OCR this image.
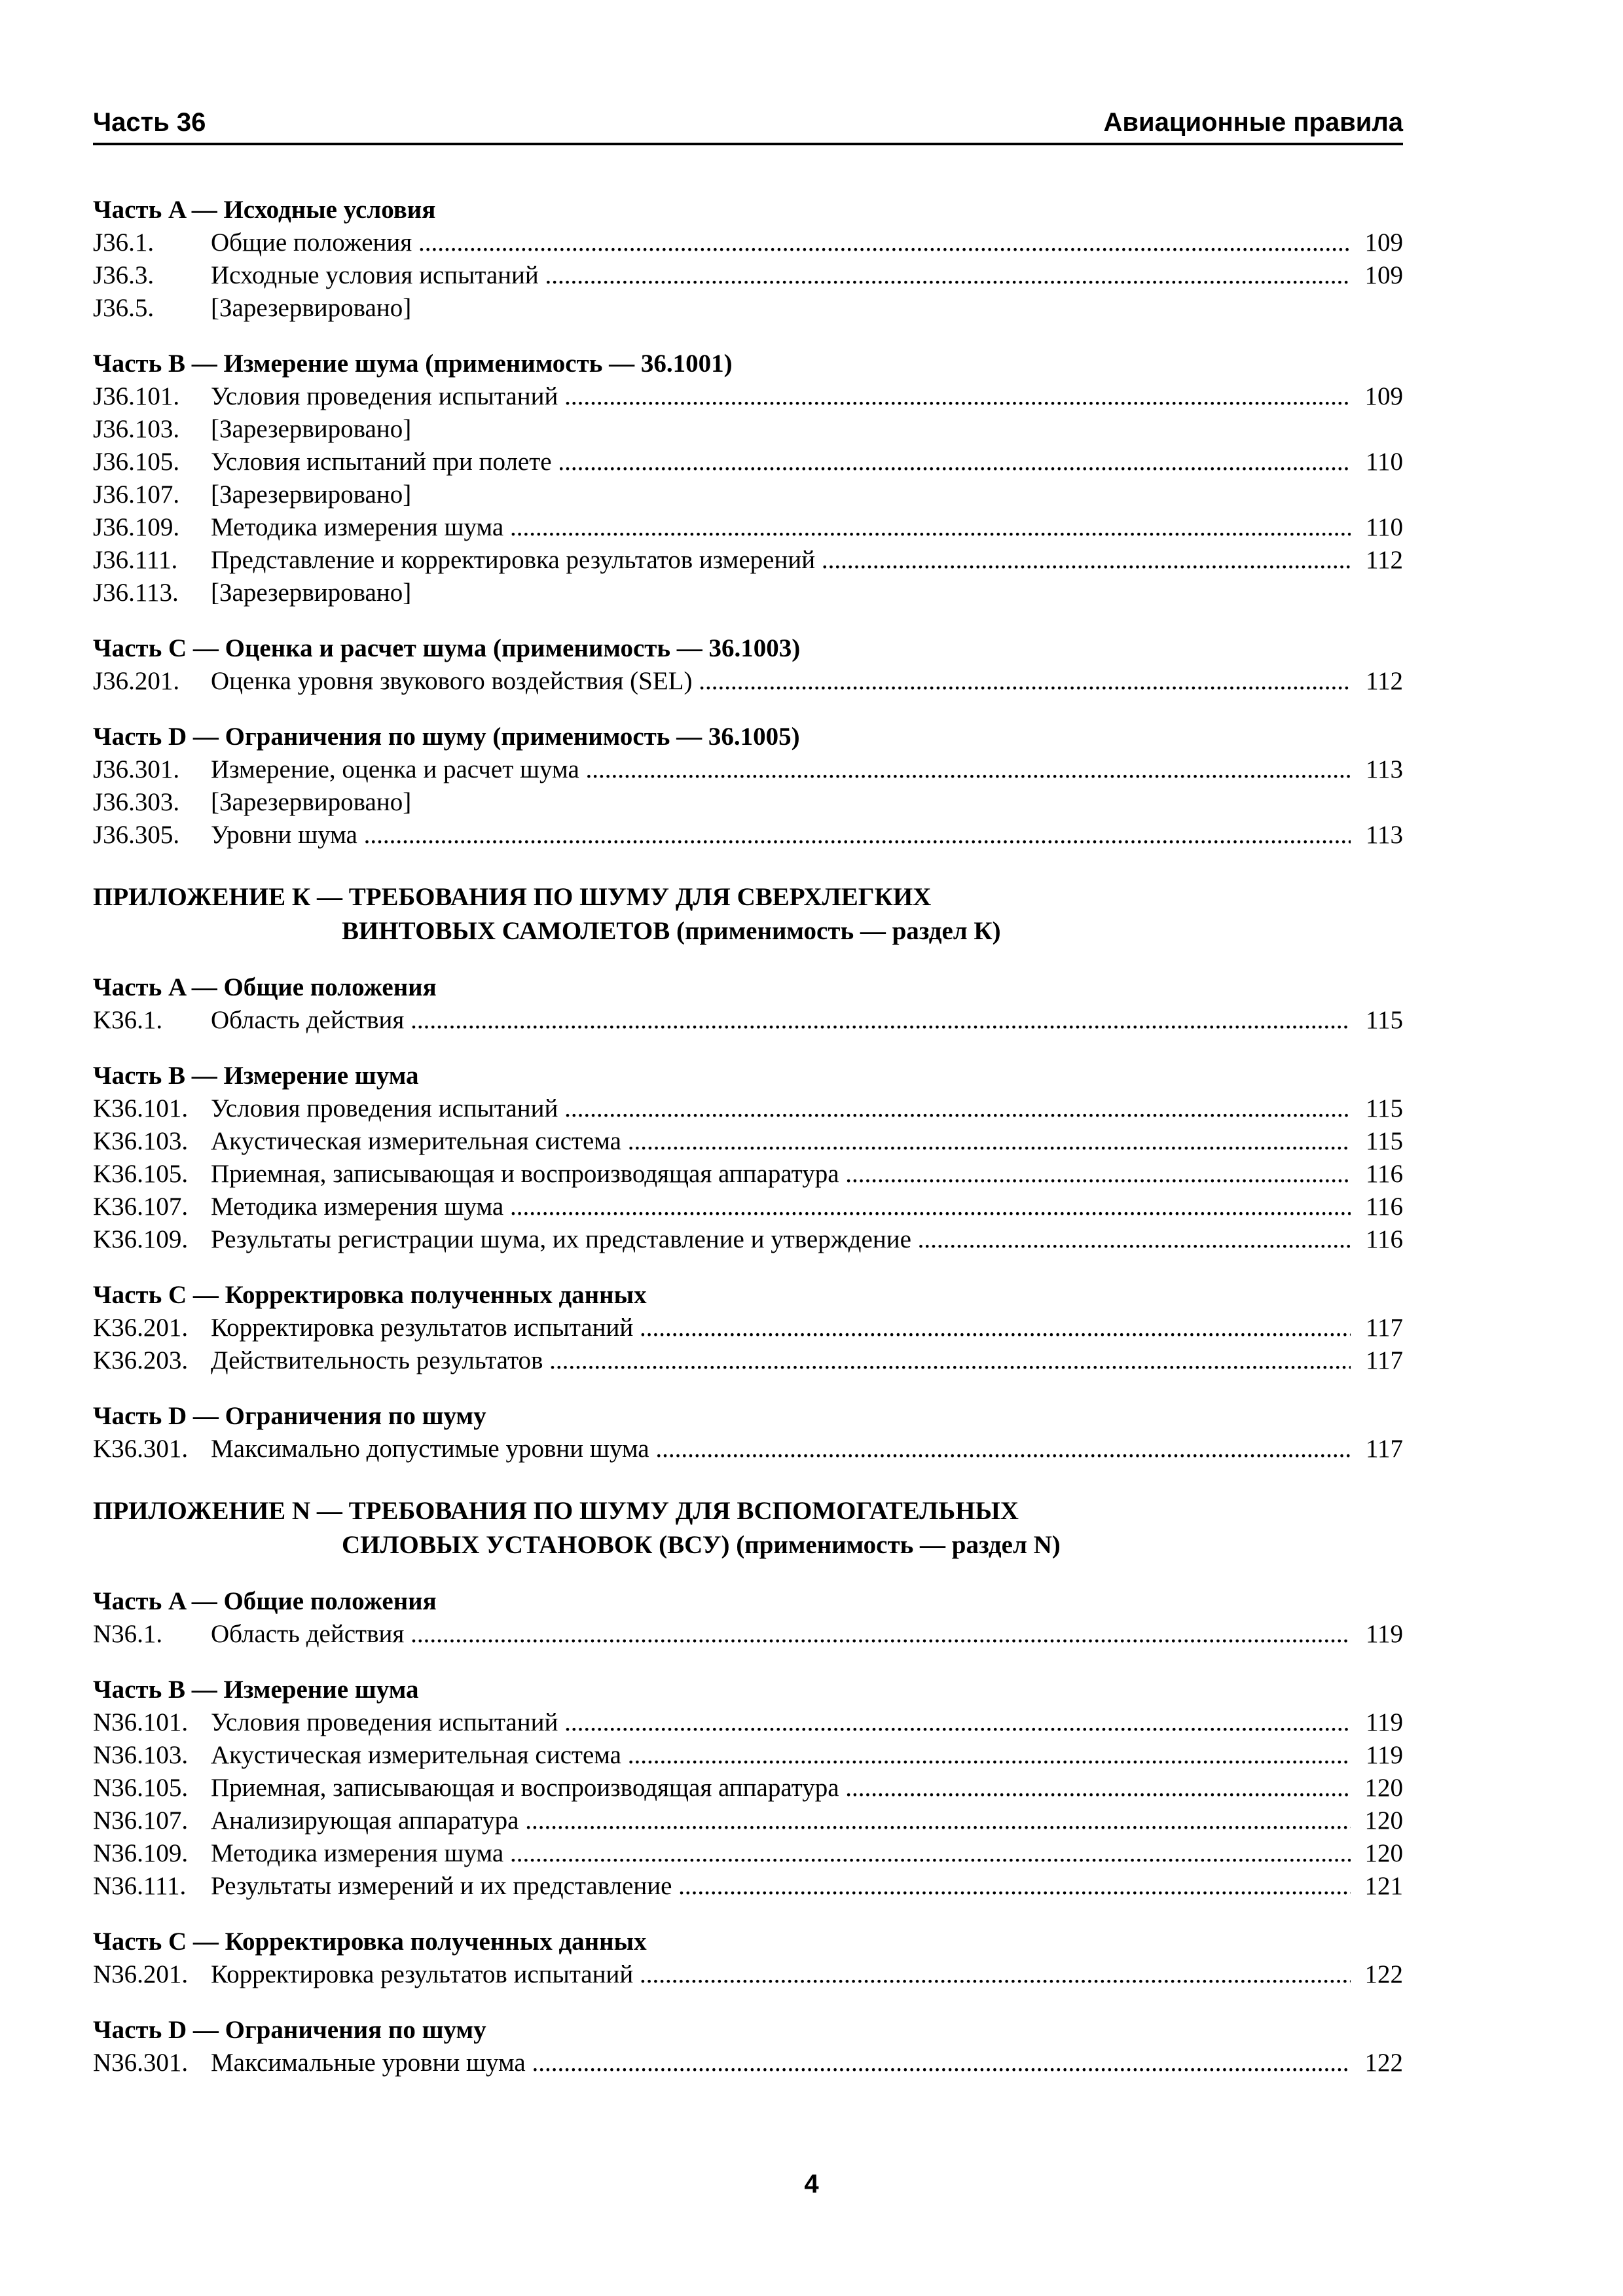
Часть 36	Авиационные правила
Часть A — Исходные условия
J36.1. Общие положения .....	109
J36.3. Исходные условия испытаний .....	109
J36.5. [Зарезервировано]
Часть B — Измерение шума (применимость — 36.1001)
J36.101. Условия проведения испытаний .....	109
J36.103. [Зарезервировано]
J36.105. Условия испытаний при полете .....	110
J36.107. [Зарезервировано]
J36.109. Методика измерения шума .....	110
J36.111. Представление и корректировка результатов измерений .....	112
J36.113. [Зарезервировано]
Часть C — Оценка и расчет шума (применимость — 36.1003)
J36.201. Оценка уровня звукового воздействия (SEL) .....	112
Часть D — Ограничения по шуму (применимость — 36.1005)
J36.301. Измерение, оценка и расчет шума .....	113
J36.303. [Зарезервировано]
J36.305. Уровни шума .....	113
ПРИЛОЖЕНИЕ К — ТРЕБОВАНИЯ ПО ШУМУ ДЛЯ СВЕРХЛЕГКИХ
ВИНТОВЫХ САМОЛЕТОВ (применимость — раздел К)
Часть A — Общие положения
K36.1. Область действия .....	115
Часть B — Измерение шума
K36.101. Условия проведения испытаний .....	115
K36.103. Акустическая измерительная система .....	115
K36.105. Приемная, записывающая и воспроизводящая аппаратура .....	116
K36.107. Методика измерения шума .....	116
K36.109. Результаты регистрации шума, их представление и утверждение .....	116
Часть C — Корректировка полученных данных
K36.201. Корректировка результатов испытаний .....	117
K36.203. Действительность результатов .....	117
Часть D — Ограничения по шуму
K36.301. Максимально допустимые уровни шума .....	117
ПРИЛОЖЕНИЕ N — ТРЕБОВАНИЯ ПО ШУМУ ДЛЯ ВСПОМОГАТЕЛЬНЫХ
СИЛОВЫХ УСТАНОВОК (ВСУ) (применимость — раздел N)
Часть A — Общие положения
N36.1. Область действия .....	119
Часть B — Измерение шума
N36.101. Условия проведения испытаний .....	119
N36.103. Акустическая измерительная система .....	119
N36.105. Приемная, записывающая и воспроизводящая аппаратура .....	120
N36.107. Анализирующая аппаратура .....	120
N36.109. Методика измерения шума .....	120
N36.111. Результаты измерений и их представление .....	121
Часть C — Корректировка полученных данных
N36.201. Корректировка результатов испытаний .....	122
Часть D — Ограничения по шуму
N36.301. Максимальные уровни шума .....	122
4
